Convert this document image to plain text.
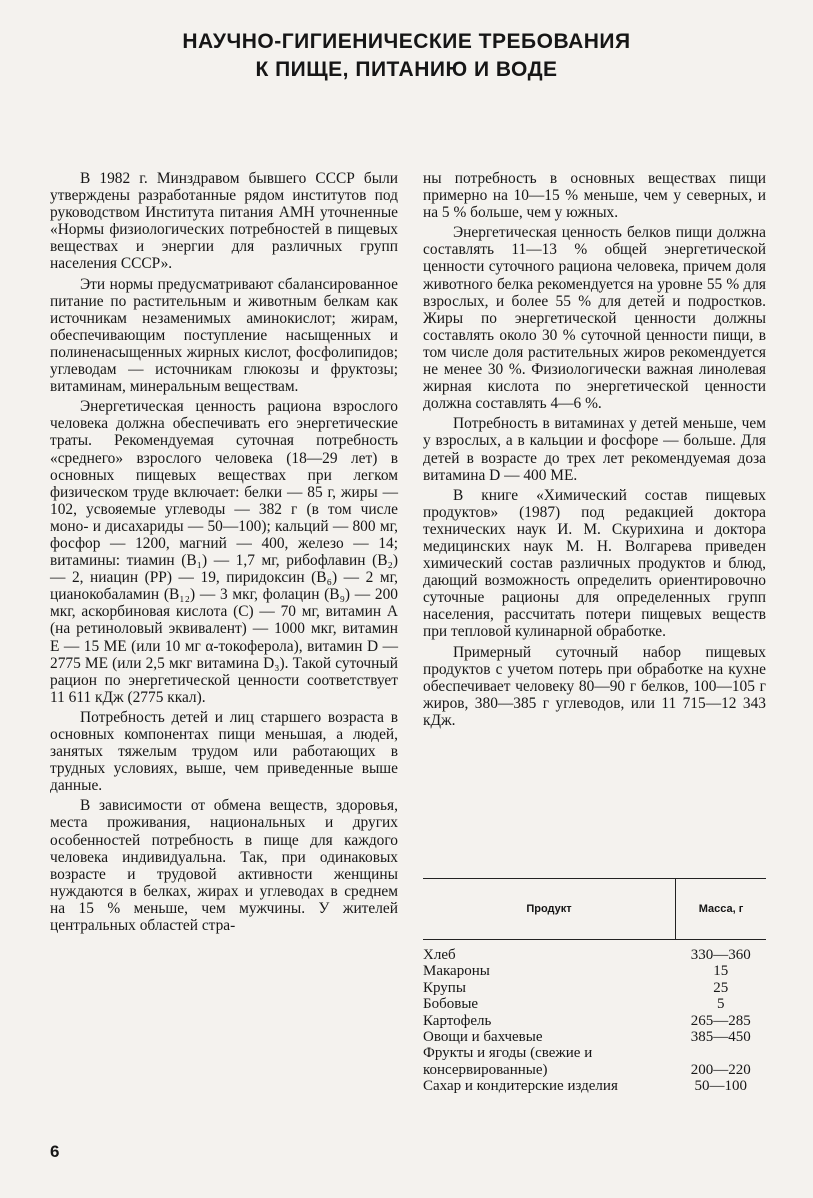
НАУЧНО-ГИГИЕНИЧЕСКИЕ ТРЕБОВАНИЯ
К ПИЩЕ, ПИТАНИЮ И ВОДЕ

В 1982 г. Минздравом бывшего СССР были утверждены разработанные рядом институтов под руководством Института питания АМН уточненные «Нормы физиологических потребностей в пищевых веществах и энергии для различных групп населения СССР».

Эти нормы предусматривают сбалансированное питание по растительным и животным белкам как источникам незаменимых аминокислот; жирам, обеспечивающим поступление насыщенных и полиненасыщенных жирных кислот, фосфолипидов; углеводам — источникам глюкозы и фруктозы; витаминам, минеральным веществам.

Энергетическая ценность рациона взрослого человека должна обеспечивать его энергетические траты. Рекомендуемая суточная потребность «среднего» взрослого человека (18—29 лет) в основных пищевых веществах при легком физическом труде включает: белки — 85 г, жиры — 102, усвояемые углеводы — 382 г (в том числе моно- и дисахариды — 50—100); кальций — 800 мг, фосфор — 1200, магний — 400, железо — 14; витамины: тиамин (B₁) — 1,7 мг, рибофлавин (B₂) — 2, ниацин (PP) — 19, пиридоксин (B₆) — 2 мг, цианокобаламин (B₁₂) — 3 мкг, фолацин (B₉) — 200 мкг, аскорбиновая кислота (C) — 70 мг, витамин A (на ретиноловый эквивалент) — 1000 мкг, витамин E — 15 ME (или 10 мг α-токоферола), витамин D — 2775 ME (или 2,5 мкг витамина D₃). Такой суточный рацион по энергетической ценности соответствует 11 611 кДж (2775 ккал).

Потребность детей и лиц старшего возраста в основных компонентах пищи меньшая, а людей, занятых тяжелым трудом или работающих в трудных условиях, выше, чем приведенные выше данные.

В зависимости от обмена веществ, здоровья, места проживания, национальных и других особенностей потребность в пище для каждого человека индивидуальна. Так, при одинаковых возрасте и трудовой активности женщины нуждаются в белках, жирах и углеводах в среднем на 15 % меньше, чем мужчины. У жителей центральных областей стра-

ны потребность в основных веществах пищи примерно на 10—15 % меньше, чем у северных, и на 5 % больше, чем у южных.

Энергетическая ценность белков пищи должна составлять 11—13 % общей энергетической ценности суточного рациона человека, причем доля животного белка рекомендуется на уровне 55 % для взрослых, и более 55 % для детей и подростков. Жиры по энергетической ценности должны составлять около 30 % суточной ценности пищи, в том числе доля растительных жиров рекомендуется не менее 30 %. Физиологически важная линолевая жирная кислота по энергетической ценности должна составлять 4—6 %.

Потребность в витаминах у детей меньше, чем у взрослых, а в кальции и фосфоре — больше. Для детей в возрасте до трех лет рекомендуемая доза витамина D — 400 ME.

В книге «Химический состав пищевых продуктов» (1987) под редакцией доктора технических наук И. М. Скурихина и доктора медицинских наук М. Н. Волгарева приведен химический состав различных продуктов и блюд, дающий возможность определить ориентировочно суточные рационы для определенных групп населения, рассчитать потери пищевых веществ при тепловой кулинарной обработке.

Примерный суточный набор пищевых продуктов с учетом потерь при обработке на кухне обеспечивает человеку 80—90 г белков, 100—105 г жиров, 380—385 г углеводов, или 11 715—12 343 кДж.

Продукт	Масса, г
Хлеб	330—360
Макароны	15
Крупы	25
Бобовые	5
Картофель	265—285
Овощи и бахчевые	385—450
Фрукты и ягоды (свежие и консервированные)	200—220
Сахар и кондитерские изделия	50—100
6
